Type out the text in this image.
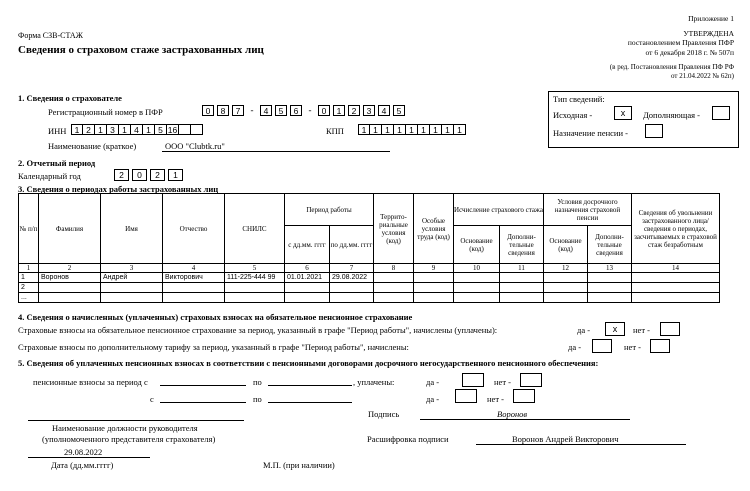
Приложение 1
Форма СЗВ-СТАЖ
Сведения о страховом стаже застрахованных лиц
УТВЕРЖДЕНА
постановлением Правления ПФР
от 6 декабря 2018 г. № 507п
(в ред. Постановления Правления ПФ РФ
от 21.04.2022 № 62п)
1. Сведения о страхователе
Регистрационный номер в ПФР	0	8	7	-	4	5	6	-	0	1	2	3	4	5
ИНН 1 2 1 3 1 4 1 5 16	КПП	1 1 1 1 1 1 1 1 1
Наименование (краткое)	ООО "Clubtk.ru"
Тип сведений:
Исходная -	x	Дополняющая -
Назначение пенсии -
2. Отчетный период
Календарный год	2	0	2	1
3. Сведения о периодах работы застрахованных лиц
№ п/п	Фамилия	Имя	Отчество	СНИЛС	Период работы		Террито-риальные условия (код)	Особые условия труда (код)	Исчисление страхового стажа		Условия досрочного назначения страховой пенсии		Сведения об увольнении застрахованного лица/ сведения о периодах, засчитываемых в страховой стаж безработным
					с дд.мм. гггг	по дд.мм. гггг			Основание (код)	Дополни-тельные сведения	Основание (код)	Дополни-тельные сведения	
1	2	3	4	5	6	7	8	9	10	11	12	13	14
1	Воронов	Андрей	Викторович	111-225-444 99	01.01.2021	29.08.2022							
2													
...													
4. Сведения о начисленных (уплаченных) страховых взносах на обязательное пенсионное страхование
Страховые взносы на обязательное пенсионное страхование за период, указанный в графе "Период работы", начислены (уплачены):	да -	x	нет -
Страховые взносы по дополнительному тарифу за период, указанный в графе "Период работы", начислены:	да -	нет -
5. Сведения об уплаченных пенсионных взносах в соответствии с пенсионными договорами досрочного негосударственного пенсионного обеспечения:
пенсионные взносы за период с	по	, уплачены:	да -	нет -
с	по	да -	нет -
Подпись	Воронов
Наименование должности руководителя
(уполномоченного представителя страхователя)	Расшифровка подписи	Воронов Андрей Викторович
29.08.2022
Дата (дд.мм.гггг)	М.П. (при наличии)
